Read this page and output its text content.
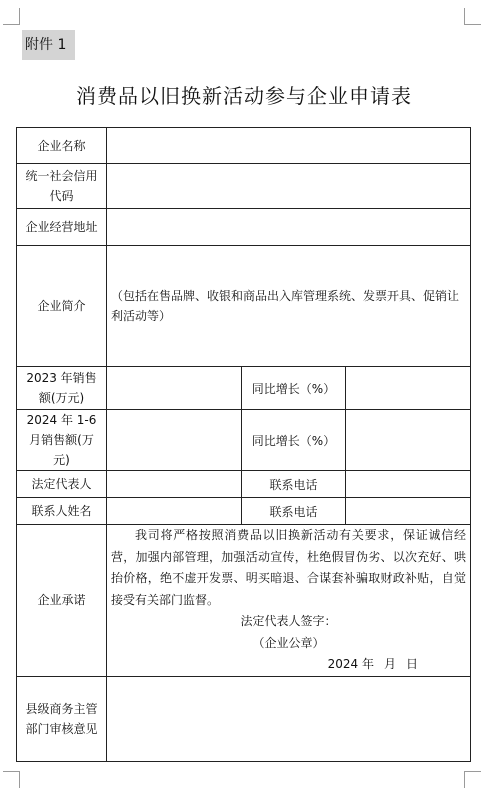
附件 1
消费品以旧换新活动参与企业申请表
企业名称			
统一社会信用代码			
企业经营地址			
企业简介	（包括在售品牌、收银和商品出入库管理系统、发票开具、促销让利活动等）		
2023 年销售额(万元)		同比增长（%）	
2024 年 1-6 月销售额(万元)		同比增长（%）	
法定代表人		联系电话	
联系人姓名		联系电话	
企业承诺	我司将严格按照消费品以旧换新活动有关要求，保证诚信经营，加强内部管理，加强活动宣传，杜绝假冒伪劣、以次充好、哄抬价格，绝不虚开发票、明买暗退、合谋套补骗取财政补贴，自觉接受有关部门监督。
法定代表人签字：
（企业公章）
2024 年 月 日		

县级商务主管部门审核意见			
